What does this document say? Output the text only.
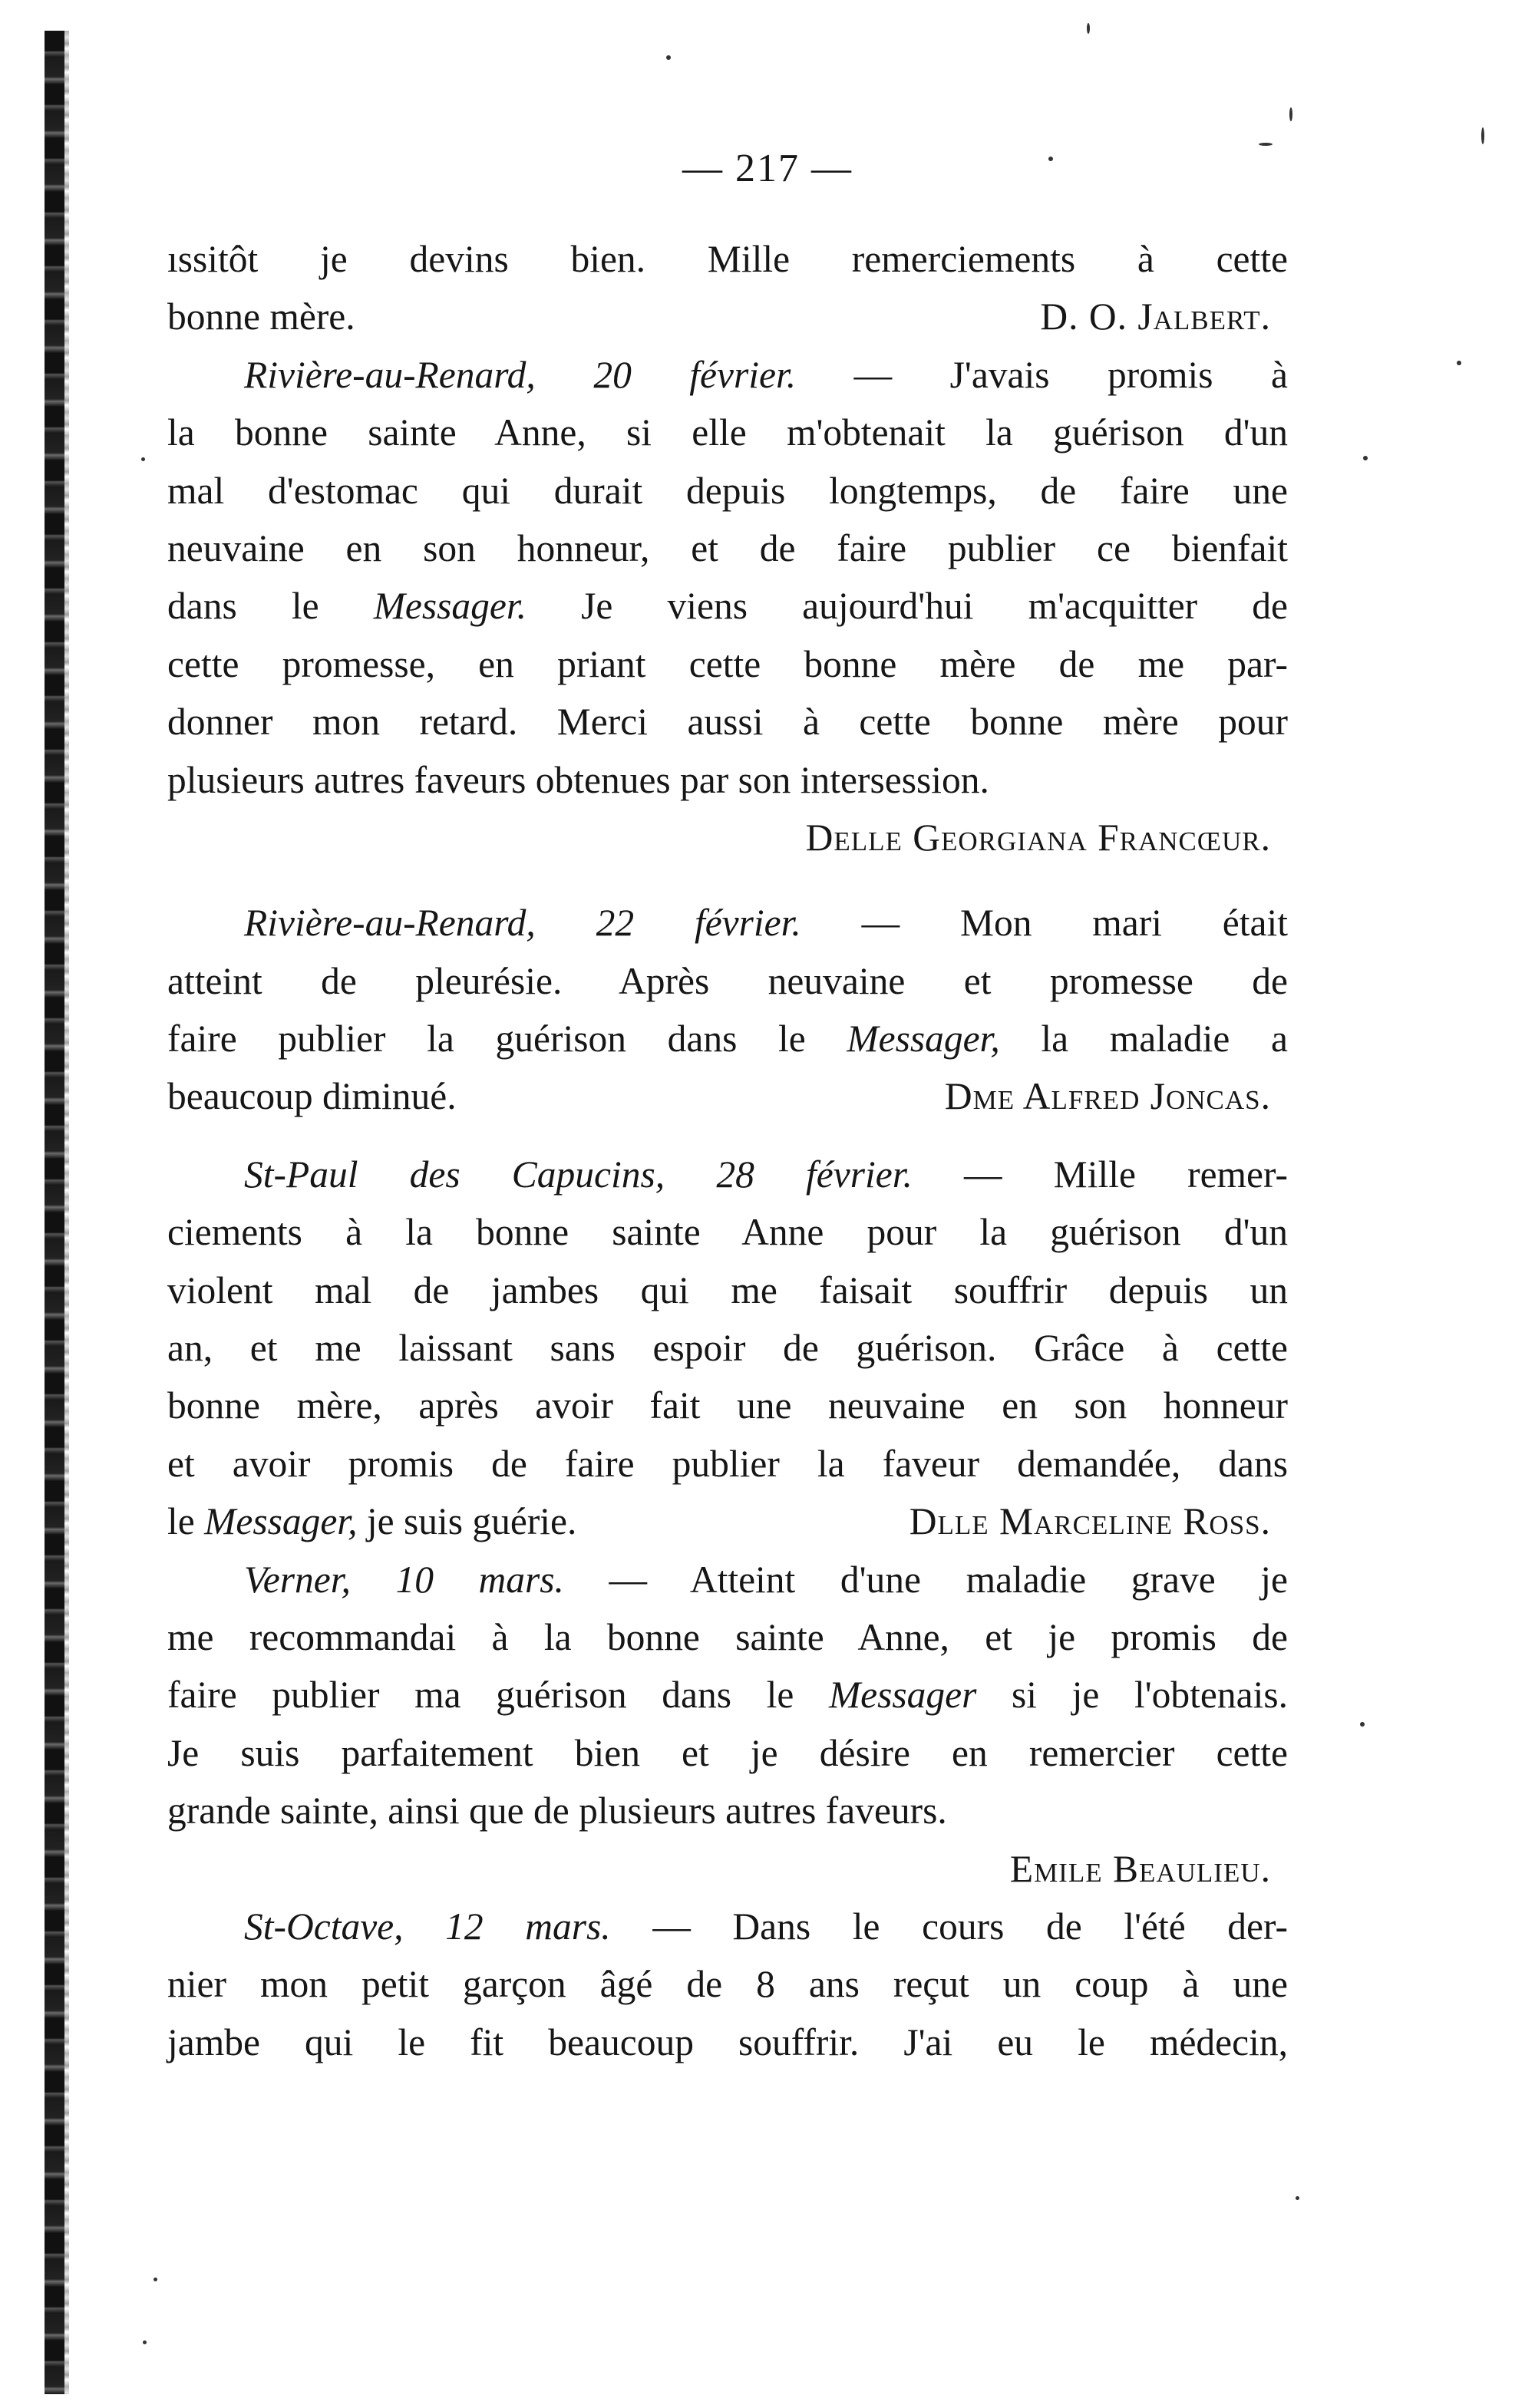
— 217 —
ıssitôt je devins bien. Mille remerciements à cette
bonne mère.	D. O. Jalbert.
Rivière-au-Renard, 20 février. — J'avais promis à
la bonne sainte Anne, si elle m'obtenait la guérison d'un
mal d'estomac qui durait depuis longtemps, de faire une
neuvaine en son honneur, et de faire publier ce bienfait
dans le Messager. Je viens aujourd'hui m'acquitter de
cette promesse, en priant cette bonne mère de me par-
donner mon retard. Merci aussi à cette bonne mère pour
plusieurs autres faveurs obtenues par son intersession.
Delle Georgiana Francœur.
Rivière-au-Renard, 22 février. — Mon mari était
atteint de pleurésie. Après neuvaine et promesse de
faire publier la guérison dans le Messager, la maladie a
beaucoup diminué.	Dme Alfred Joncas.
St-Paul des Capucins, 28 février. — Mille remer-
ciements à la bonne sainte Anne pour la guérison d'un
violent mal de jambes qui me faisait souffrir depuis un
an, et me laissant sans espoir de guérison. Grâce à cette
bonne mère, après avoir fait une neuvaine en son honneur
et avoir promis de faire publier la faveur demandée, dans
le Messager, je suis guérie.	Dlle Marceline Ross.
Verner, 10 mars. — Atteint d'une maladie grave je
me recommandai à la bonne sainte Anne, et je promis de
faire publier ma guérison dans le Messager si je l'obtenais.
Je suis parfaitement bien et je désire en remercier cette
grande sainte, ainsi que de plusieurs autres faveurs.
Emile Beaulieu.
St-Octave, 12 mars. — Dans le cours de l'été der-
nier mon petit garçon âgé de 8 ans reçut un coup à une
jambe qui le fit beaucoup souffrir. J'ai eu le médecin,
